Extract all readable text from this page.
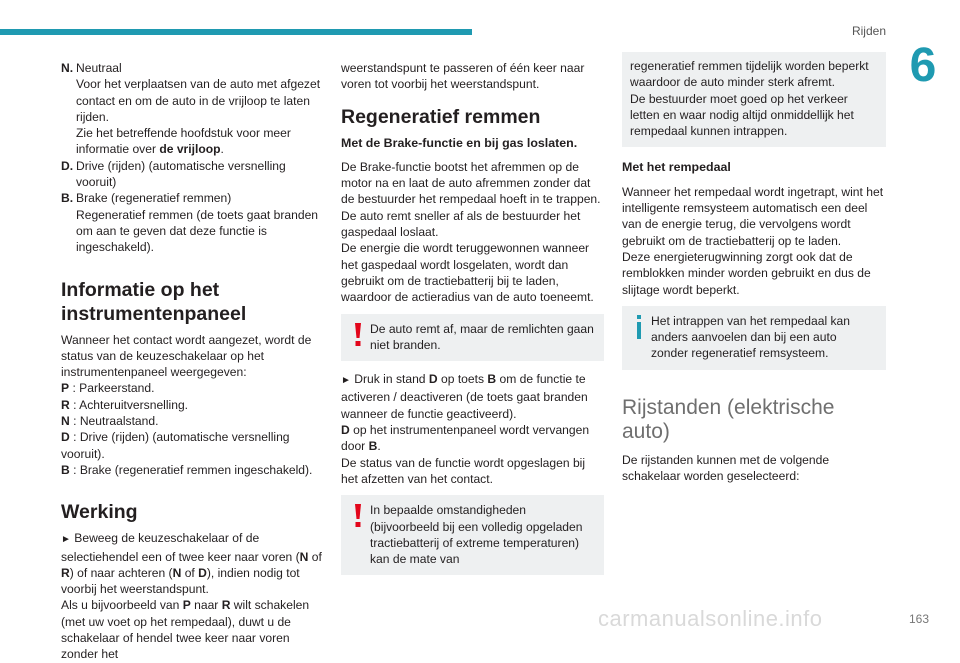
Rijden
6
N. Neutraal
Voor het verplaatsen van de auto met afgezet contact en om de auto in de vrijloop te laten rijden.
Zie het betreffende hoofdstuk voor meer informatie over de vrijloop.
D. Drive (rijden) (automatische versnelling vooruit)
B. Brake (regeneratief remmen)
Regeneratief remmen (de toets gaat branden om aan te geven dat deze functie is ingeschakeld).
Informatie op het instrumentenpaneel

Wanneer het contact wordt aangezet, wordt de status van de keuzeschakelaar op het instrumentenpaneel weergegeven:

P : Parkeerstand.
R : Achteruitversnelling.
N : Neutraalstand.
D : Drive (rijden) (automatische versnelling vooruit).
B : Brake (regeneratief remmen ingeschakeld).
Werking

► Beweeg de keuzeschakelaar of de selectiehendel een of twee keer naar voren (N of R) of naar achteren (N of D), indien nodig tot voorbij het weerstandspunt.

Als u bijvoorbeeld van P naar R wilt schakelen (met uw voet op het rempedaal), duwt u de schakelaar of hendel twee keer naar voren zonder het

weerstandspunt te passeren of één keer naar voren tot voorbij het weerstandspunt.

Regeneratief remmen
Met de Brake-functie en bij gas loslaten.

De Brake-functie bootst het afremmen op de motor na en laat de auto afremmen zonder dat de bestuurder het rempedaal hoeft in te trappen. De auto remt sneller af als de bestuurder het gaspedaal loslaat.

De energie die wordt teruggewonnen wanneer het gaspedaal wordt losgelaten, wordt dan gebruikt om de tractiebatterij bij te laden, waardoor de actieradius van de auto toeneemt.

De auto remt af, maar de remlichten gaan niet branden.

► Druk in stand D op toets B om de functie te activeren / deactiveren (de toets gaat branden wanneer de functie geactiveerd).

D op het instrumentenpaneel wordt vervangen door B.

De status van de functie wordt opgeslagen bij het afzetten van het contact.

In bepaalde omstandigheden (bijvoorbeeld bij een volledig opgeladen tractiebatterij of extreme temperaturen) kan de mate van

regeneratief remmen tijdelijk worden beperkt waardoor de auto minder sterk afremt.

De bestuurder moet goed op het verkeer letten en waar nodig altijd onmiddellijk het rempedaal kunnen intrappen.

Met het rempedaal

Wanneer het rempedaal wordt ingetrapt, wint het intelligente remsysteem automatisch een deel van de energie terug, die vervolgens wordt gebruikt om de tractiebatterij op te laden.

Deze energieterugwinning zorgt ook dat de remblokken minder worden gebruikt en dus de slijtage wordt beperkt.

Het intrappen van het rempedaal kan anders aanvoelen dan bij een auto zonder regeneratief remsysteem.
Rijstanden (elektrische auto)

De rijstanden kunnen met de volgende schakelaar worden geselecteerd:

carmanualsonline.info	163
